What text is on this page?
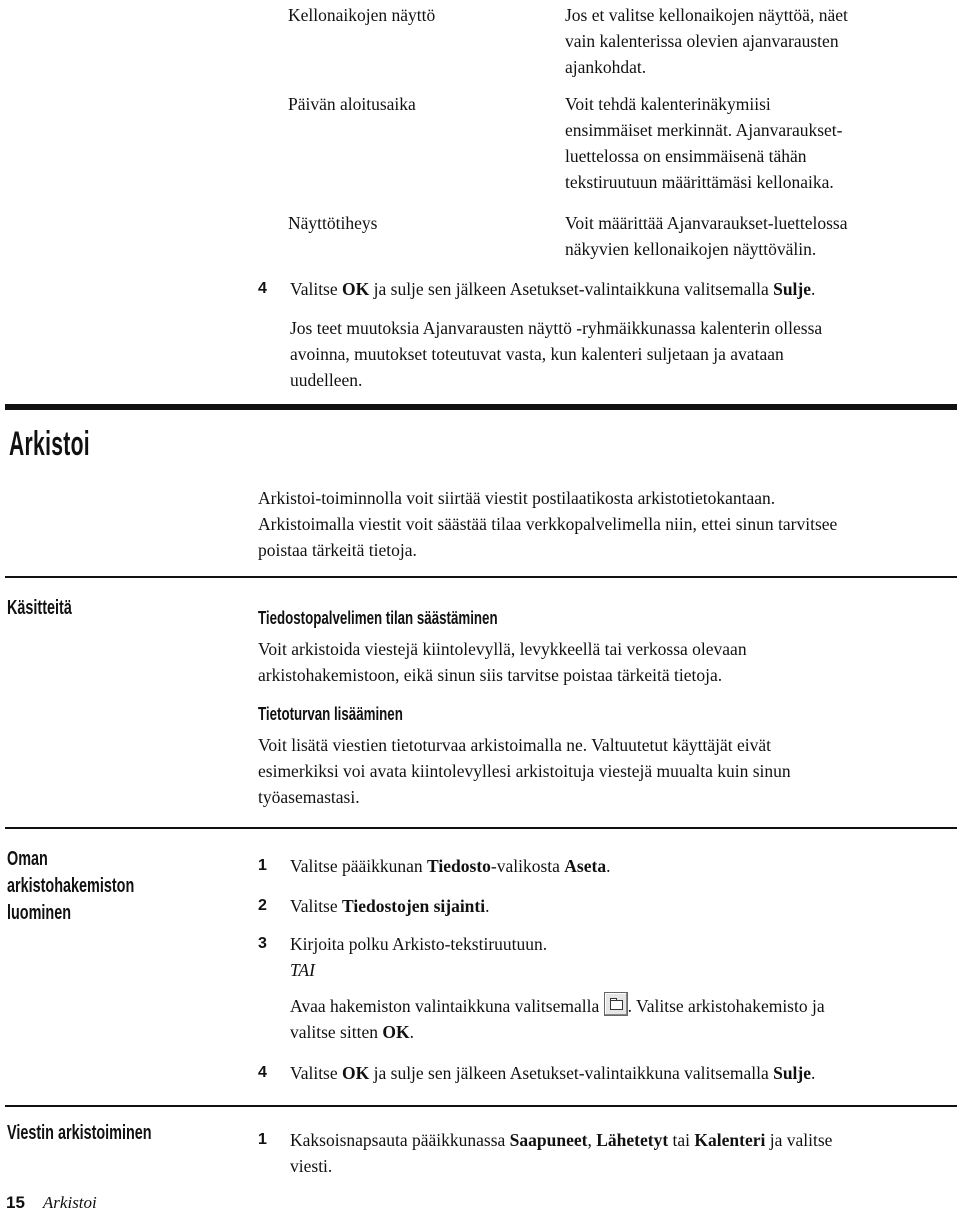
Kellonaikojen näyttö	Jos et valitse kellonaikojen näyttöä, näet
vain kalenterissa olevien ajanvarausten
ajankohdat.
Päivän aloitusaika	Voit tehdä kalenterinäkymiisi
ensimmäiset merkinnät. Ajanvaraukset-
luettelossa on ensimmäisenä tähän
tekstiruutuun määrittämäsi kellonaika.
Näyttötiheys	Voit määrittää Ajanvaraukset-luettelossa
näkyvien kellonaikojen näyttövälin.
4 Valitse OK ja sulje sen jälkeen Asetukset-valintaikkuna valitsemalla Sulje.
Jos teet muutoksia Ajanvarausten näyttö -ryhmäikkunassa kalenterin ollessa
avoinna, muutokset toteutuvat vasta, kun kalenteri suljetaan ja avataan
uudelleen.
Arkistoi
Arkistoi-toiminnolla voit siirtää viestit postilaatikosta arkistotietokantaan.
Arkistoimalla viestit voit säästää tilaa verkkopalvelimella niin, ettei sinun tarvitsee
poistaa tärkeitä tietoja.
Käsitteitä	Tiedostopalvelimen tilan säästäminen
Voit arkistoida viestejä kiintolevyllä, levykkeellä tai verkossa olevaan
arkistohakemistoon, eikä sinun siis tarvitse poistaa tärkeitä tietoja.
Tietoturvan lisääminen
Voit lisätä viestien tietoturvaa arkistoimalla ne. Valtuutetut käyttäjät eivät
esimerkiksi voi avata kiintolevyllesi arkistoituja viestejä muualta kuin sinun
työasemastasi.
Oman
arkistohakemiston
luominen
1 Valitse pääikkunan Tiedosto-valikosta Aseta.
2 Valitse Tiedostojen sijainti.
3 Kirjoita polku Arkisto-tekstiruutuun.
TAI
Avaa hakemiston valintaikkuna valitsemalla
. Valitse arkistohakemisto ja
valitse sitten OK.
4 Valitse OK ja sulje sen jälkeen Asetukset-valintaikkuna valitsemalla Sulje.
Viestin arkistoiminen	1 Kaksoisnapsauta pääikkunassa Saapuneet, Lähetetyt tai Kalenteri ja valitse
viesti.
15 Arkistoi
